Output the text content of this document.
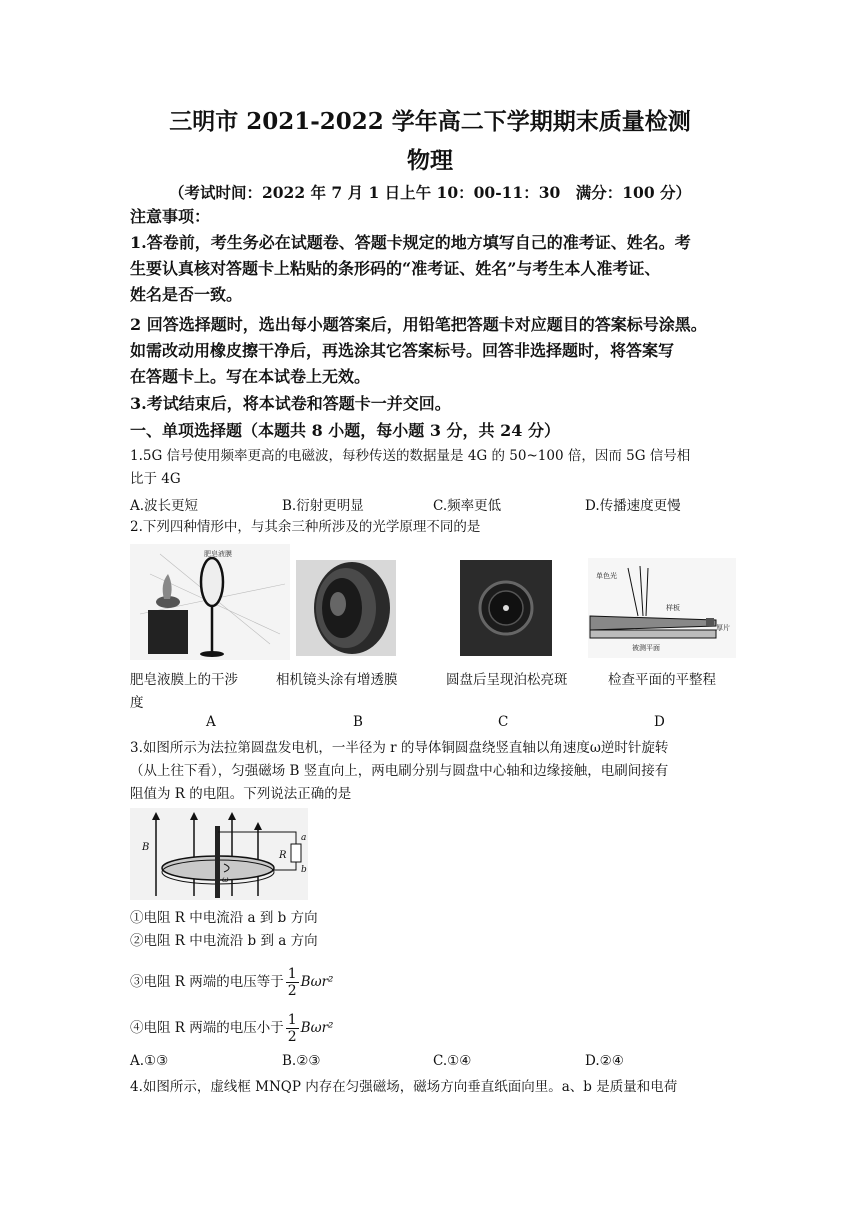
三明市 2021-2022 学年高二下学期期末质量检测
物理
（考试时间：2022 年 7 月 1 日上午 10：00-11：30　满分：100 分）
注意事项：
1.答卷前，考生务必在试题卷、答题卡规定的地方填写自己的准考证、姓名。考
生要认真核对答题卡上粘贴的条形码的“准考证、姓名”与考生本人准考证、
姓名是否一致。
2 回答选择题时，选出每小题答案后，用铅笔把答题卡对应题目的答案标号涂黑。
如需改动用橡皮擦干净后，再选涂其它答案标号。回答非选择题时，将答案写
在答题卡上。写在本试卷上无效。
3.考试结束后，将本试卷和答题卡一并交回。
一、单项选择题（本题共 8 小题，每小题 3 分，共 24 分）
1.5G 信号使用频率更高的电磁波，每秒传送的数据量是 4G 的 50~100 倍，因而 5G 信号相
比于 4G
A.波长更短	B.衍射更明显	C.频率更低	D.传播速度更慢
2.下列四种情形中，与其余三种所涉及的光学原理不同的是
肥皂液膜
单色光
样板
厚片
被测平面
肥皂液膜上的干涉	相机镜头涂有增透膜	圆盘后呈现泊松亮斑	检查平面的平整程
度
A	B	C	D
3.如图所示为法拉第圆盘发电机，一半径为 r 的导体铜圆盘绕竖直轴以角速度ω逆时针旋转
（从上往下看），匀强磁场 B 竖直向上，两电刷分别与圆盘中心轴和边缘接触，电刷间接有
阻值为 R 的电阻。下列说法正确的是
B
R
a
b
ω
①电阻 R 中电流沿 a 到 b 方向
②电阻 R 中电流沿 b 到 a 方向
③电阻 R 两端的电压等于 $\frac{1}{2} B\omega r^2$
④电阻 R 两端的电压小于 $\frac{1}{2} B\omega r^2$
A.①③	B.②③	C.①④	D.②④
4.如图所示，虚线框 MNQP 内存在匀强磁场，磁场方向垂直纸面向里。a、b 是质量和电荷
